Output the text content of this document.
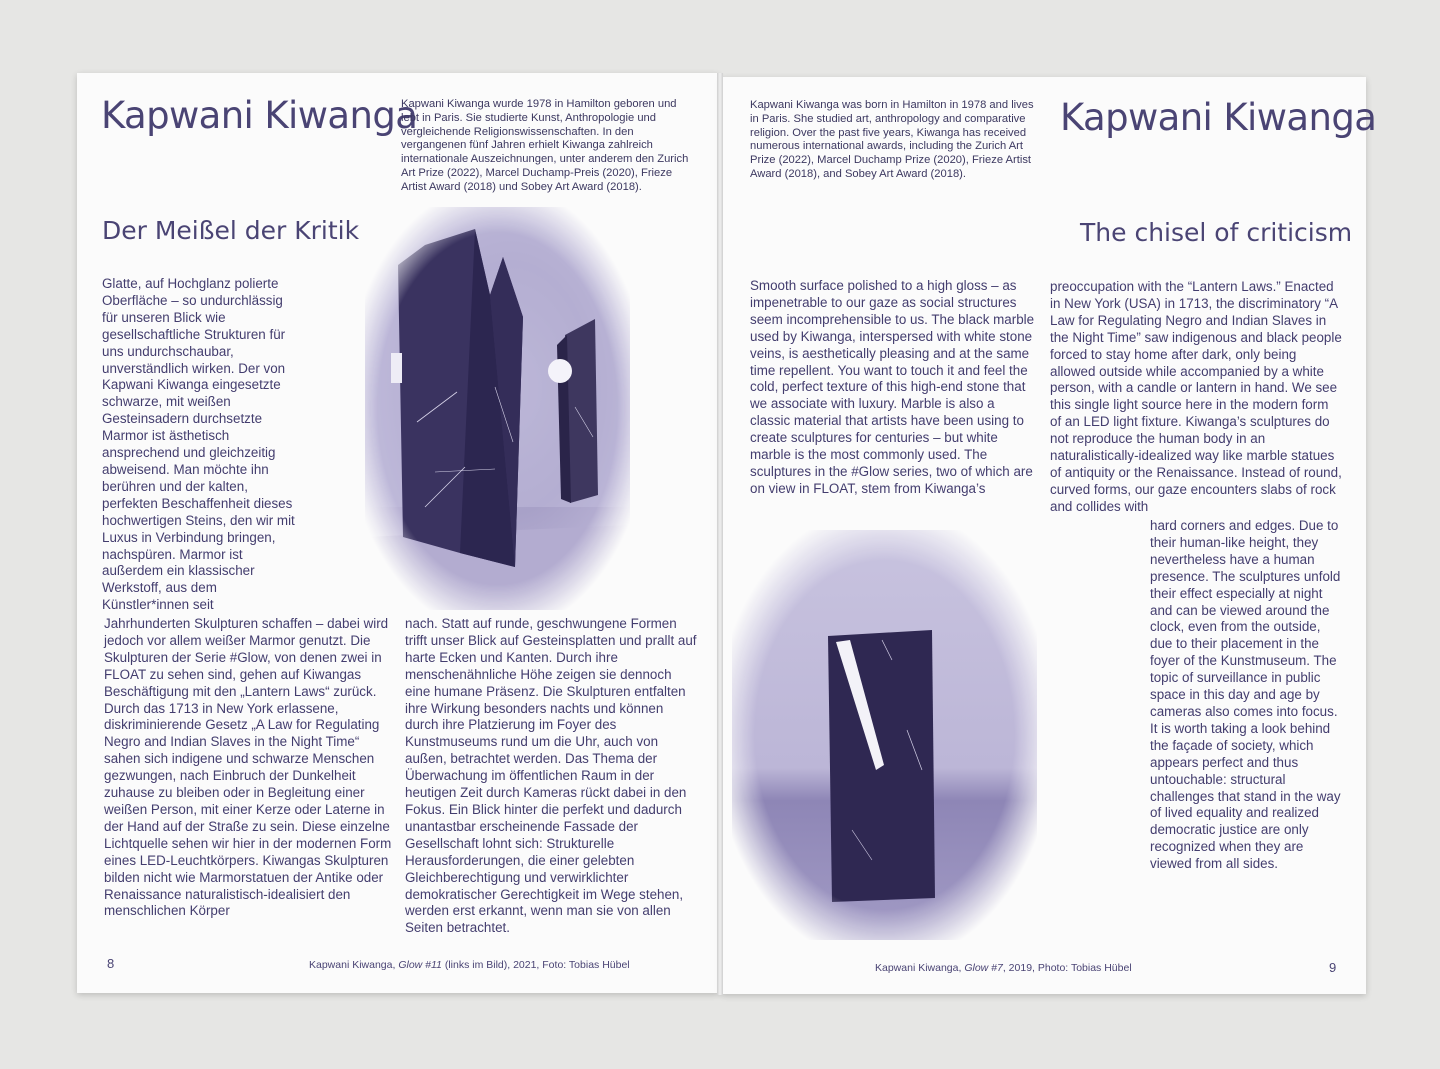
Kapwani Kiwanga
Kapwani Kiwanga wurde 1978 in Hamilton geboren und lebt in Paris. Sie studierte Kunst, Anthropologie und vergleichende Religionswissenschaften. In den vergangenen fünf Jahren erhielt Kiwanga zahlreich internationale Auszeichnungen, unter anderem den Zurich Art Prize (2022), Marcel Duchamp-Preis (2020), Frieze Artist Award (2018) und Sobey Art Award (2018).
Der Meißel der Kritik
Glatte, auf Hochglanz polierte Oberfläche – so undurchlässig für unseren Blick wie gesellschaftliche Strukturen für uns undurchschaubar, unverständlich wirken. Der von Kapwani Kiwanga eingesetzte schwarze, mit weißen Gesteinsadern durchsetzte Marmor ist ästhetisch ansprechend und gleichzeitig abweisend. Man möchte ihn berühren und der kalten, perfekten Beschaffenheit dieses hochwertigen Steins, den wir mit Luxus in Verbindung bringen, nachspüren. Marmor ist außerdem ein klassischer Werkstoff, aus dem Künstler*innen seit
Jahrhunderten Skulpturen schaffen – dabei wird jedoch vor allem weißer Marmor genutzt. Die Skulpturen der Serie #Glow, von denen zwei in FLOAT zu sehen sind, gehen auf Kiwangas Beschäftigung mit den „Lantern Laws“ zurück. Durch das 1713 in New York erlassene, diskriminierende Gesetz „A Law for Regulating Negro and Indian Slaves in the Night Time“ sahen sich indigene und schwarze Menschen gezwungen, nach Einbruch der Dunkelheit zuhause zu bleiben oder in Begleitung einer weißen Person, mit einer Kerze oder Laterne in der Hand auf der Straße zu sein. Diese einzelne Lichtquelle sehen wir hier in der modernen Form eines LED-Leuchtkörpers. Kiwangas Skulpturen bilden nicht wie Marmorstatuen der Antike oder Renaissance naturalistisch-idealisiert den menschlichen Körper
nach. Statt auf runde, geschwungene Formen trifft unser Blick auf Gesteinsplatten und prallt auf harte Ecken und Kanten. Durch ihre menschenähnliche Höhe zeigen sie dennoch eine humane Präsenz. Die Skulpturen entfalten ihre Wirkung besonders nachts und können durch ihre Platzierung im Foyer des Kunstmuseums rund um die Uhr, auch von außen, betrachtet werden. Das Thema der Überwachung im öffentlichen Raum in der heutigen Zeit durch Kameras rückt dabei in den Fokus. Ein Blick hinter die perfekt und dadurch unantastbar erscheinende Fassade der Gesellschaft lohnt sich: Strukturelle Herausforderungen, die einer gelebten Gleichberechtigung und verwirklichter demokratischer Gerechtigkeit im Wege stehen, werden erst erkannt, wenn man sie von allen Seiten betrachtet.
8	Kapwani Kiwanga, Glow #11 (links im Bild), 2021, Foto: Tobias Hübel
Kapwani Kiwanga was born in Hamilton in 1978 and lives in Paris. She studied art, anthropology and comparative religion. Over the past five years, Kiwanga has received numerous international awards, including the Zurich Art Prize (2022), Marcel Duchamp Prize (2020), Frieze Artist Award (2018), and Sobey Art Award (2018).
Kapwani Kiwanga
The chisel of criticism
Smooth surface polished to a high gloss – as impenetrable to our gaze as social structures seem incomprehensible to us. The black marble used by Kiwanga, interspersed with white stone veins, is aesthetically pleasing and at the same time repellent. You want to touch it and feel the cold, perfect texture of this high-end stone that we associate with luxury. Marble is also a classic material that artists have been using to create sculptures for centuries – but white marble is the most commonly used. The sculptures in the #Glow series, two of which are on view in FLOAT, stem from Kiwanga’s
preoccupation with the “Lantern Laws.” Enacted in New York (USA) in 1713, the discriminatory “A Law for Regulating Negro and Indian Slaves in the Night Time” saw indigenous and black people forced to stay home after dark, only being allowed outside while accompanied by a white person, with a candle or lantern in hand. We see this single light source here in the modern form of an LED light fixture. Kiwanga’s sculptures do not reproduce the human body in an naturalistically-idealized way like marble statues of antiquity or the Renaissance. Instead of round, curved forms, our gaze encounters slabs of rock and collides with
hard corners and edges. Due to their human-like height, they nevertheless have a human presence. The sculptures unfold their effect especially at night and can be viewed around the clock, even from the outside, due to their placement in the foyer of the Kunstmuseum. The topic of surveillance in public space in this day and age by cameras also comes into focus. It is worth taking a look behind the façade of society, which appears perfect and thus untouchable: structural challenges that stand in the way of lived equality and realized democratic justice are only recognized when they are viewed from all sides.
Kapwani Kiwanga, Glow #7, 2019, Photo: Tobias Hübel	9
